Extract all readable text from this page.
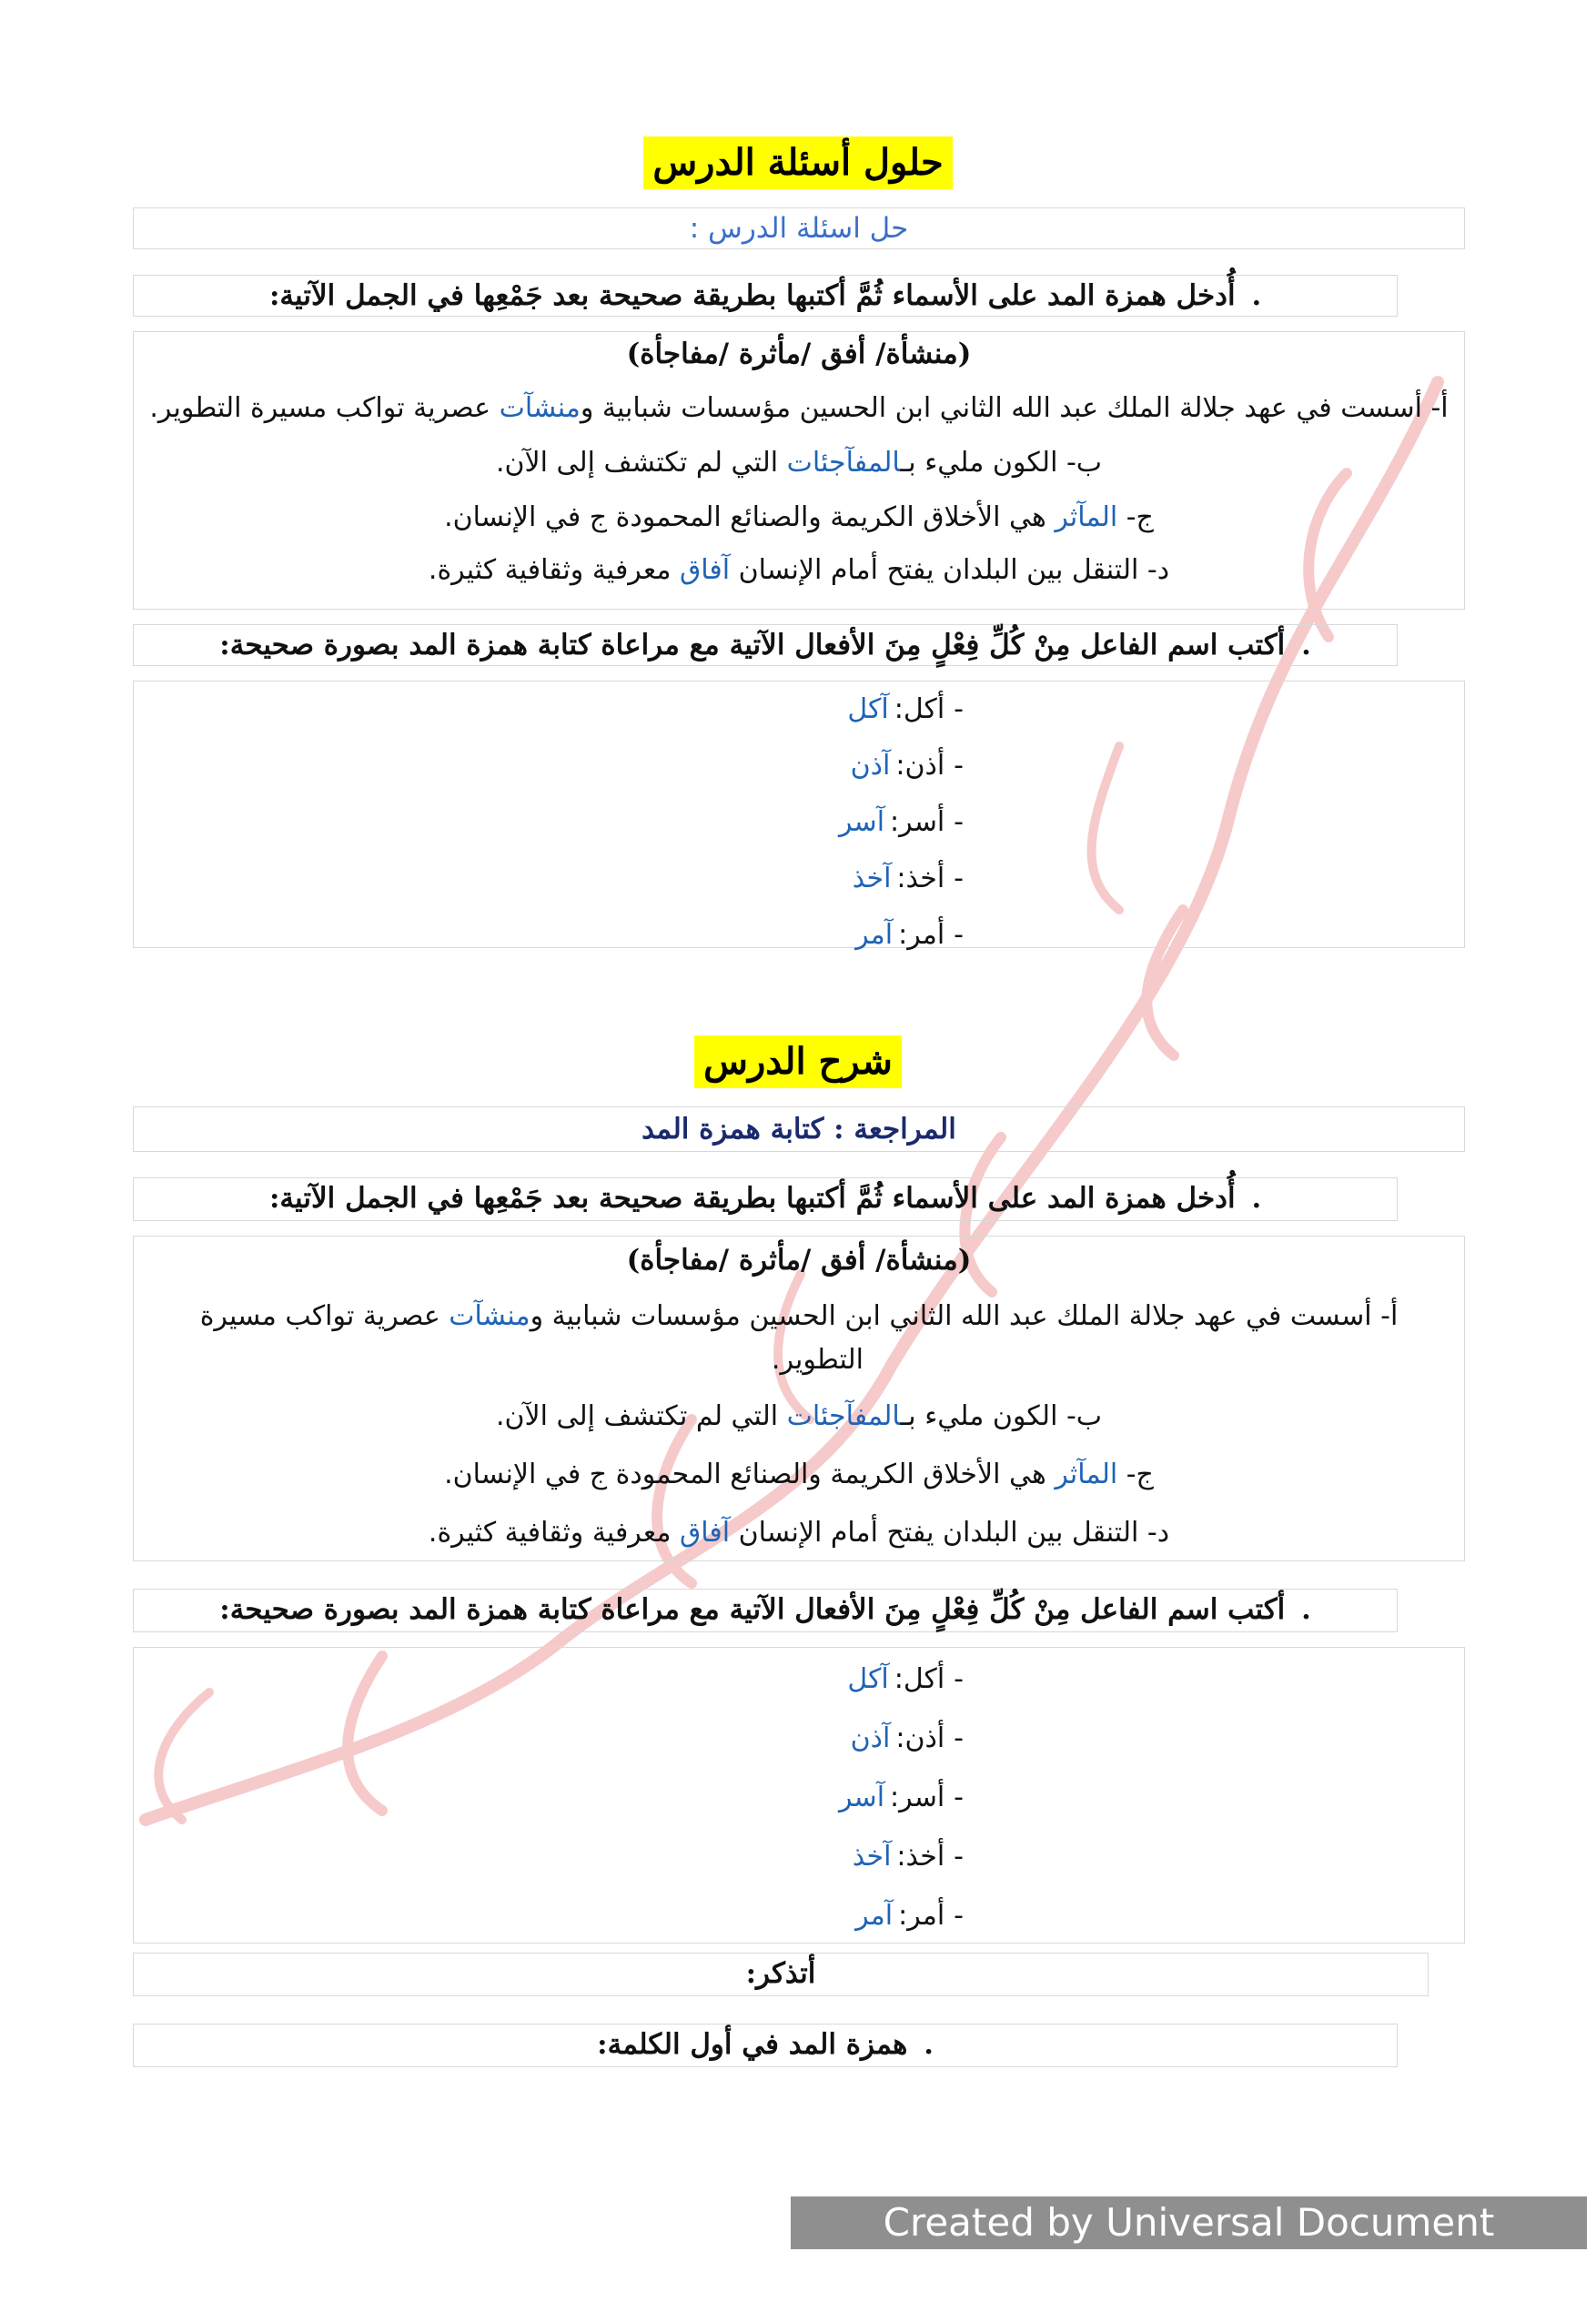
حلول أسئلة الدرس
حل اسئلة الدرس :
.أُدخل همزة المد على الأسماء ثُمَّ أكتبها بطريقة صحيحة بعد جَمْعِها في الجمل الآتية:
(منشأة/ أفق /مأثرة /مفاجأة)
أ- أسست في عهد جلالة الملك عبد الله الثاني ابن الحسين مؤسسات شبابية ومنشآت عصرية تواكب مسيرة التطوير.
ب- الكون مليء بـالمفآجئات التي لم تكتشف إلى الآن.
ج- المآثر هي الأخلاق الكريمة والصنائع المحمودة ج في الإنسان.
د- التنقل بين البلدان يفتح أمام الإنسان آفاق معرفية وثقافية كثيرة.
.أكتب اسم الفاعل مِنْ كُلِّ فِعْلٍ مِنَ الأفعال الآتية مع مراعاة كتابة همزة المد بصورة صحيحة:
-
أكل
:
آكل
-
أذن
:
آذن
-
أسر
:
آسر
-
أخذ
:
آخذ
-
أمر
:
آمر
شرح الدرس
المراجعة : كتابة همزة المد
.أُدخل همزة المد على الأسماء ثُمَّ أكتبها بطريقة صحيحة بعد جَمْعِها في الجمل الآتية:
(منشأة/ أفق /مأثرة /مفاجأة)
أ- أسست في عهد جلالة الملك عبد الله الثاني ابن الحسين مؤسسات شبابية ومنشآت عصرية تواكب مسيرة
التطوير.
ب- الكون مليء بـالمفآجئات التي لم تكتشف إلى الآن.
ج- المآثر هي الأخلاق الكريمة والصنائع المحمودة ج في الإنسان.
د- التنقل بين البلدان يفتح أمام الإنسان آفاق معرفية وثقافية كثيرة.
.أكتب اسم الفاعل مِنْ كُلِّ فِعْلٍ مِنَ الأفعال الآتية مع مراعاة كتابة همزة المد بصورة صحيحة:
-
أكل
:
آكل
-
أذن
:
آذن
-
أسر
:
آسر
-
أخذ
:
آخذ
-
أمر
:
آمر
أتذكر:
.همزة المد في أول الكلمة:
Created by Universal Document Converter
